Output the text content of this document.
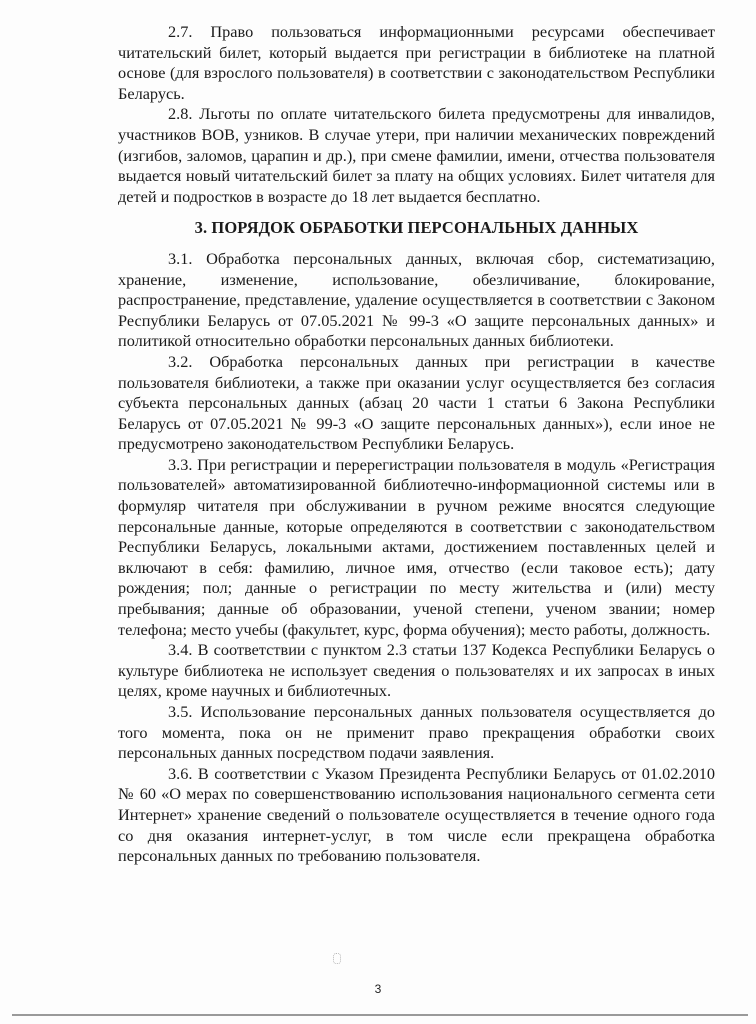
2.7. Право пользоваться информационными ресурсами обеспечивает читательский билет, который выдается при регистрации в библиотеке на платной основе (для взрослого пользователя) в соответствии с законодательством Республики Беларусь.

2.8. Льготы по оплате читательского билета предусмотрены для инвалидов, участников ВОВ, узников. В случае утери, при наличии механических повреждений (изгибов, заломов, царапин и др.), при смене фамилии, имени, отчества пользователя выдается новый читательский билет за плату на общих условиях. Билет читателя для детей и подростков в возрасте до 18 лет выдается бесплатно.

3. ПОРЯДОК ОБРАБОТКИ ПЕРСОНАЛЬНЫХ ДАННЫХ

3.1. Обработка персональных данных, включая сбор, систематизацию, хранение, изменение, использование, обезличивание, блокирование, распространение, представление, удаление осуществляется в соответствии с Законом Республики Беларусь от 07.05.2021 № 99-3 «О защите персональных данных» и политикой относительно обработки персональных данных библиотеки.

3.2. Обработка персональных данных при регистрации в качестве пользователя библиотеки, а также при оказании услуг осуществляется без согласия субъекта персональных данных (абзац 20 части 1 статьи 6 Закона Республики Беларусь от 07.05.2021 № 99-3 «О защите персональных данных»), если иное не предусмотрено законодательством Республики Беларусь.

3.3. При регистрации и перерегистрации пользователя в модуль «Регистрация пользователей» автоматизированной библиотечно-информационной системы или в формуляр читателя при обслуживании в ручном режиме вносятся следующие персональные данные, которые определяются в соответствии с законодательством Республики Беларусь, локальными актами, достижением поставленных целей и включают в себя: фамилию, личное имя, отчество (если таковое есть); дату рождения; пол; данные о регистрации по месту жительства и (или) месту пребывания; данные об образовании, ученой степени, ученом звании; номер телефона; место учебы (факультет, курс, форма обучения); место работы, должность.

3.4. В соответствии с пунктом 2.3 статьи 137 Кодекса Республики Беларусь о культуре библиотека не использует сведения о пользователях и их запросах в иных целях, кроме научных и библиотечных.

3.5. Использование персональных данных пользователя осуществляется до того момента, пока он не применит право прекращения обработки своих персональных данных посредством подачи заявления.

3.6. В соответствии с Указом Президента Республики Беларусь от 01.02.2010 № 60 «О мерах по совершенствованию использования национального сегмента сети Интернет» хранение сведений о пользователе осуществляется в течение одного года со дня оказания интернет-услуг, в том числе если прекращена обработка персональных данных по требованию пользователя.

3
